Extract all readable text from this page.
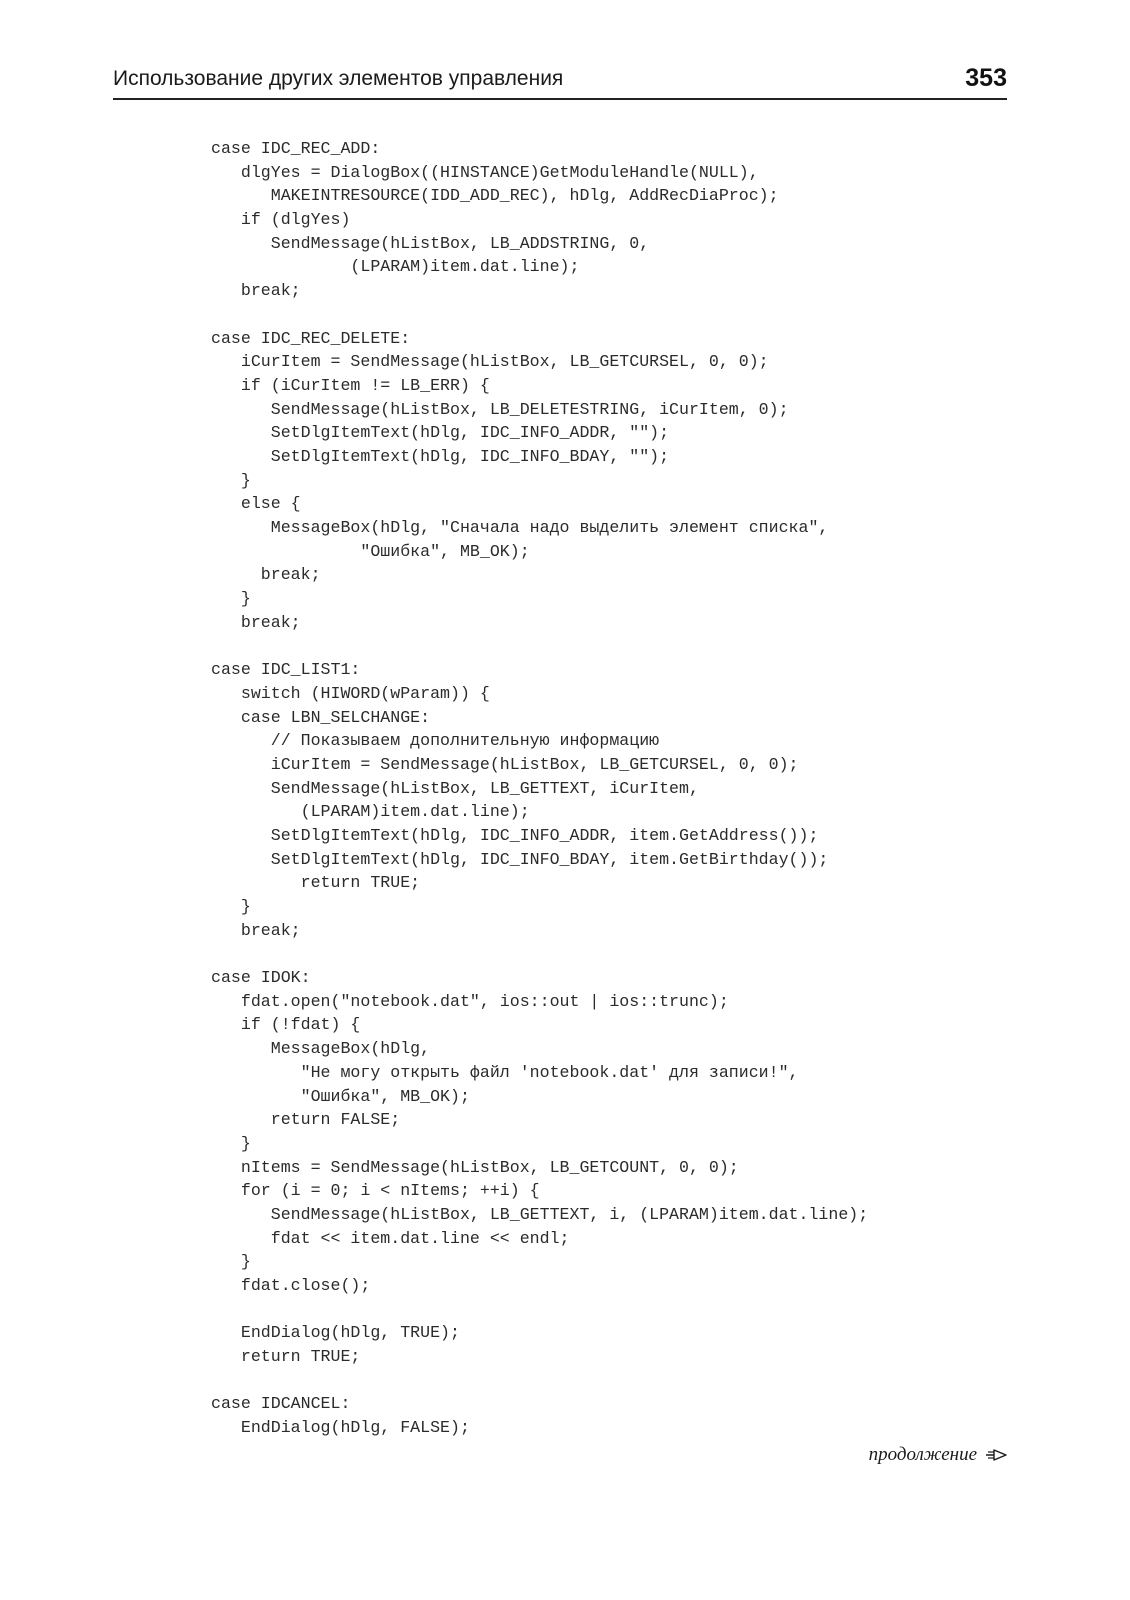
Использование других элементов управления	353
case IDC_REC_ADD:
dlgYes = DialogBox((HINSTANCE)GetModuleHandle(NULL),
MAKEINTRESOURCE(IDD_ADD_REC), hDlg, AddRecDiaProc);
if (dlgYes)
SendMessage(hListBox, LB_ADDSTRING, 0,
(LPARAM)item.dat.line);
break;
case IDC_REC_DELETE:
iCurItem = SendMessage(hListBox, LB_GETCURSEL, 0, 0);
if (iCurItem != LB_ERR) {
SendMessage(hListBox, LB_DELETESTRING, iCurItem, 0);
SetDlgItemText(hDlg, IDC_INFO_ADDR, "");
SetDlgItemText(hDlg, IDC_INFO_BDAY, "");
}
else {
MessageBox(hDlg, "Сначала надо выделить элемент списка",
"Ошибка", MB_OK);
break;
}
break;
case IDC_LIST1:
switch (HIWORD(wParam)) {
case LBN_SELCHANGE:
// Показываем дополнительную информацию
iCurItem = SendMessage(hListBox, LB_GETCURSEL, 0, 0);
SendMessage(hListBox, LB_GETTEXT, iCurItem,
(LPARAM)item.dat.line);
SetDlgItemText(hDlg, IDC_INFO_ADDR, item.GetAddress());
SetDlgItemText(hDlg, IDC_INFO_BDAY, item.GetBirthday());
return TRUE;
}
break;
case IDOK:
fdat.open("notebook.dat", ios::out | ios::trunc);
if (!fdat) {
MessageBox(hDlg,
"Не могу открыть файл 'notebook.dat' для записи!",
"Ошибка", MB_OK);
return FALSE;
}
nItems = SendMessage(hListBox, LB_GETCOUNT, 0, 0);
for (i = 0; i < nItems; ++i) {
SendMessage(hListBox, LB_GETTEXT, i, (LPARAM)item.dat.line);
fdat << item.dat.line << endl;
}
fdat.close();
EndDialog(hDlg, TRUE);
return TRUE;
case IDCANCEL:
EndDialog(hDlg, FALSE);
продолжение
